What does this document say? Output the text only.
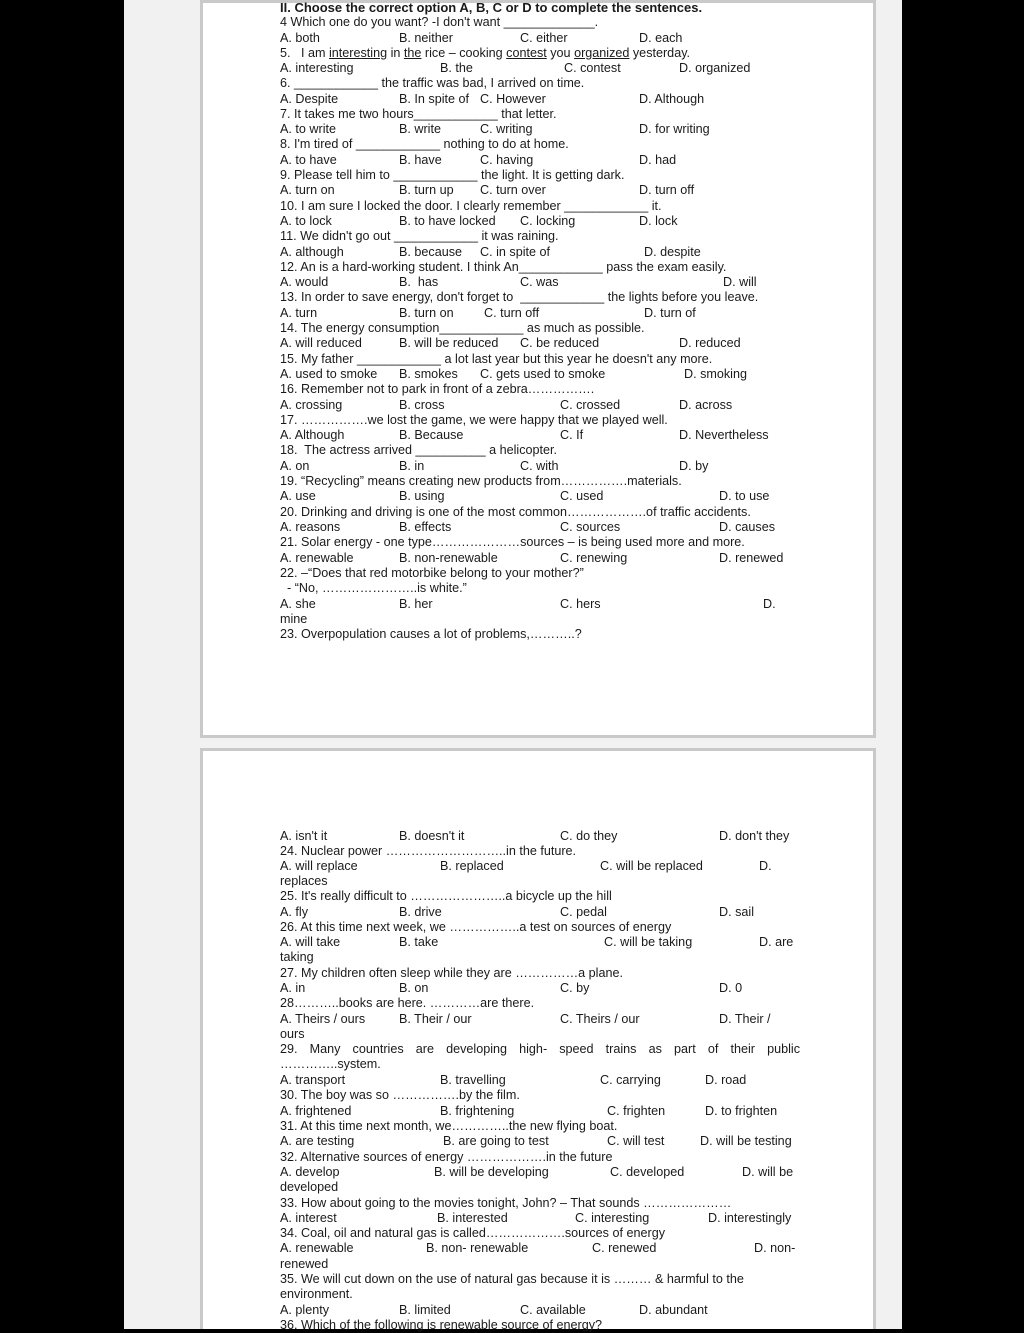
II. Choose the correct option A, B, C or D to complete the sentences.
4 Which one do you want? -I don't want _____________.
A. both	B. neither	C. either	D. each
5.   I am interesting in the rice – cooking contest you organized yesterday.
A. interesting	B. the	C. contest	D. organized
6. ____________ the traffic was bad, I arrived on time.
A. Despite	B. In spite of C. However	D. Although
7. It takes me two hours____________ that letter.
A. to write	B. write	C. writing	D. for writing
8. I'm tired of ____________ nothing to do at home.
A. to have	B. have	C. having	D. had
9. Please tell him to ____________ the light. It is getting dark.
A. turn on	B. turn up C. turn over	D. turn off
10. I am sure I locked the door. I clearly remember ____________ it.
A. to lock	B. to have locked C. locking	D. lock
11. We didn't go out ____________ it was raining.
A. although	B. because C. in spite of	D. despite
12. An is a hard-working student. I think An____________ pass the exam easily.
A. would	B.  has	C. was	D. will
13. In order to save energy, don't forget to  ____________ the lights before you leave.
A. turn	B. turn on C. turn off	D. turn of
14. The energy consumption____________ as much as possible.
A. will reduced	B. will be reduced C. be reduced	D. reduced
15. My father ____________ a lot last year but this year he doesn't any more.
A. used to smoke B. smokes C. gets used to smoke	D. smoking
16. Remember not to park in front of a zebra…………….
A. crossing	B. cross	C. crossed	D. across
17. …………….we lost the game, we were happy that we played well.
A. Although	B. Because	C. If	D. Nevertheless
18.  The actress arrived __________ a helicopter.
A. on	B. in	C. with	D. by
19. “Recycling” means creating new products from…………….materials.
A. use	B. using	C. used	D. to use
20. Drinking and driving is one of the most common……………….of traffic accidents.
A. reasons	B. effects	C. sources	D. causes
21. Solar energy - one type…………………sources – is being used more and more.
A. renewable	B. non-renewable	C. renewing	D. renewed
22. –“Does that red motorbike belong to your mother?”
- “No, …………………..is white.”
A. she	B. her	C. hers	D.
mine
23. Overpopulation causes a lot of problems,………..?
A. isn't it	B. doesn't it	C. do they	D. don't they
24. Nuclear power ………………………..in the future.
A. will replace	B. replaced	C. will be replaced	D.
replaces
25. It's really difficult to …………………..a bicycle up the hill
A. fly	B. drive	C. pedal	D. sail
26. At this time next week, we ……………..a test on sources of energy
A. will take	B. take	C. will be taking	D. are
taking
27. My children often sleep while they are ……………a plane.
A. in	B. on	C. by	D. 0
28………..books are here. …………are there.
A. Theirs / ours	B. Their / our	C. Theirs / our	D. Their /
ours
29.  Many  countries  are  developing  high-  speed  trains  as  part  of  their  public
…………..system.
A. transport	B. travelling	C. carrying	D. road
30. The boy was so …………….by the film.
A. frightened	B. frightening	C. frighten	D. to frighten
31. At this time next month, we…………..the new flying boat.
A. are testing	B. are going to test	C. will test	D. will be testing
32. Alternative sources of energy ……………….in the future
A. develop	B. will be developing	C. developed	D. will be
developed
33. How about going to the movies tonight, John? – That sounds …………………
A. interest	B. interested	C. interesting	D. interestingly
34. Coal, oil and natural gas is called……………….sources of energy
A. renewable	B. non- renewable	C. renewed	D. non-
renewed
35. We will cut down on the use of natural gas because it is ……… & harmful to the
environment.
A. plenty	B. limited	C. available	D. abundant
36. Which of the following is renewable source of energy?
